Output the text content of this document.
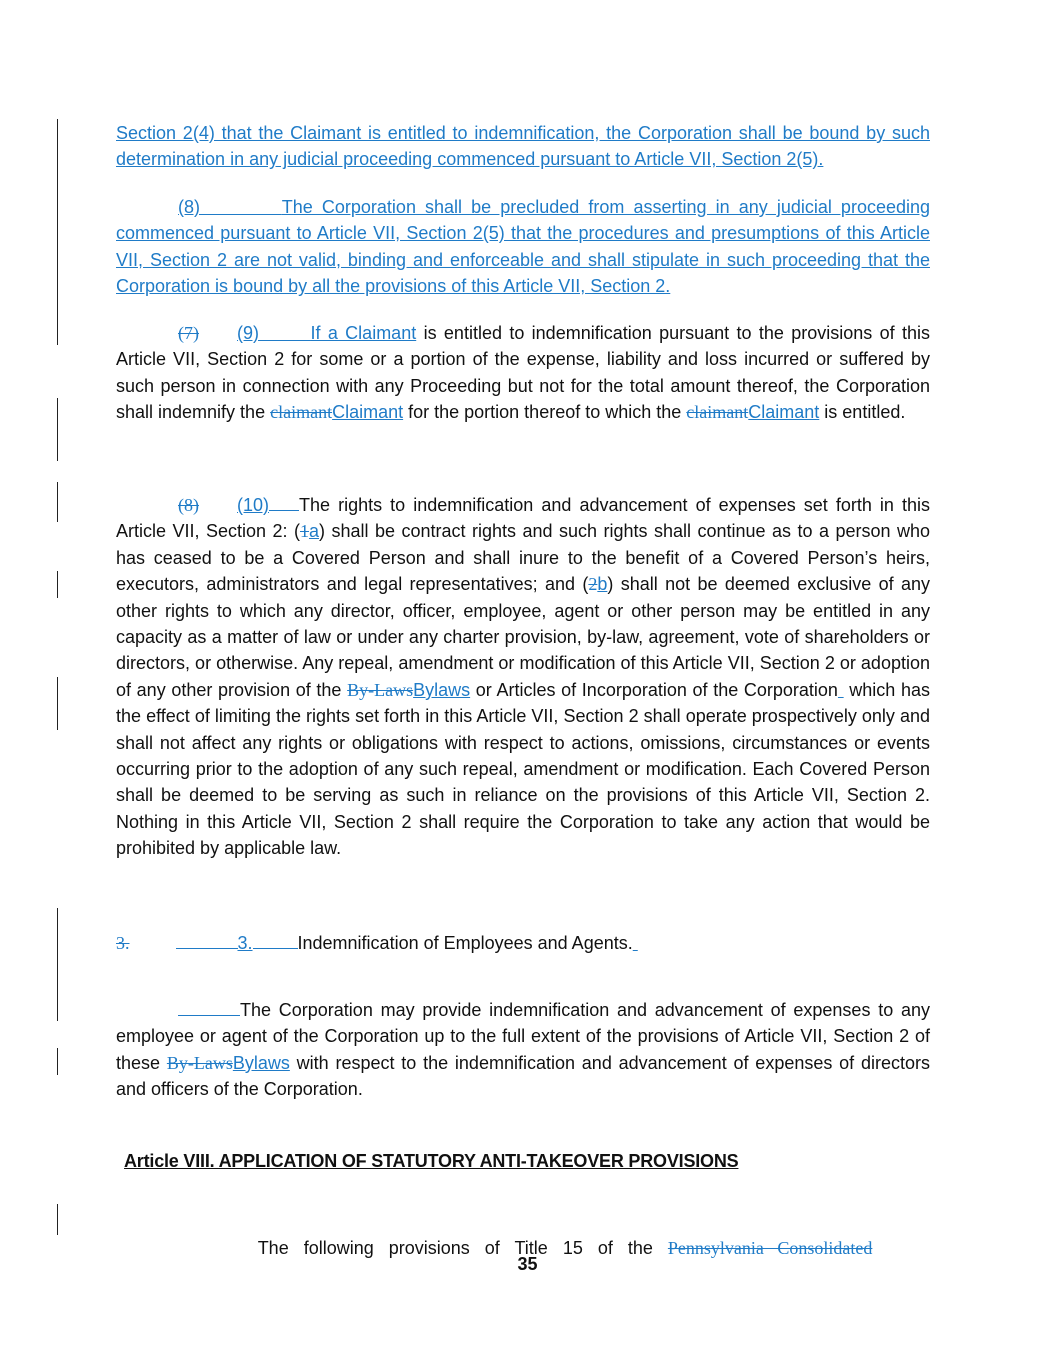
Section 2(4) that the Claimant is entitled to indemnification, the Corporation shall be bound by such determination in any judicial proceeding commenced pursuant to Article VII, Section 2(5).

(8)	The Corporation shall be precluded from asserting in any judicial proceeding commenced pursuant to Article VII, Section 2(5) that the procedures and presumptions of this Article VII, Section 2 are not valid, binding and enforceable and shall stipulate in such proceeding that the Corporation is bound by all the provisions of this Article VII, Section 2.

(7) (9)	If a Claimant is entitled to indemnification pursuant to the provisions of this Article VII, Section 2 for some or a portion of the expense, liability and loss incurred or suffered by such person in connection with any Proceeding but not for the total amount thereof, the Corporation shall indemnify the claimantClaimant for the portion thereof to which the claimantClaimant is entitled.

(8) (10) The rights to indemnification and advancement of expenses set forth in this Article VII, Section 2: (1a) shall be contract rights and such rights shall continue as to a person who has ceased to be a Covered Person and shall inure to the benefit of a Covered Person’s heirs, executors, administrators and legal representatives; and (2b) shall not be deemed exclusive of any other rights to which any director, officer, employee, agent or other person may be entitled in any capacity as a matter of law or under any charter provision, by-law, agreement, vote of shareholders or directors, or otherwise. Any repeal, amendment or modification of this Article VII, Section 2 or adoption of any other provision of the By-LawsBylaws or Articles of Incorporation of the Corporation  which has the effect of limiting the rights set forth in this Article VII, Section 2 shall operate prospectively only and shall not affect any rights or obligations with respect to actions, omissions, circumstances or events occurring prior to the adoption of any such repeal, amendment or modification. Each Covered Person shall be deemed to be serving as such in reliance on the provisions of this Article VII, Section 2. Nothing in this Article VII, Section 2 shall require the Corporation to take any action that would be prohibited by applicable law.

3.	3.	Indemnification of Employees and Agents.

The Corporation may provide indemnification and advancement of expenses to any employee or agent of the Corporation up to the full extent of the provisions of Article VII, Section 2 of these By-LawsBylaws with respect to the indemnification and advancement of expenses of directors and officers of the Corporation.

Article VIII. APPLICATION OF STATUTORY ANTI-TAKEOVER PROVISIONS

The   following   provisions   of   Title   15   of   the   Pennsylvania   Consolidated

35
